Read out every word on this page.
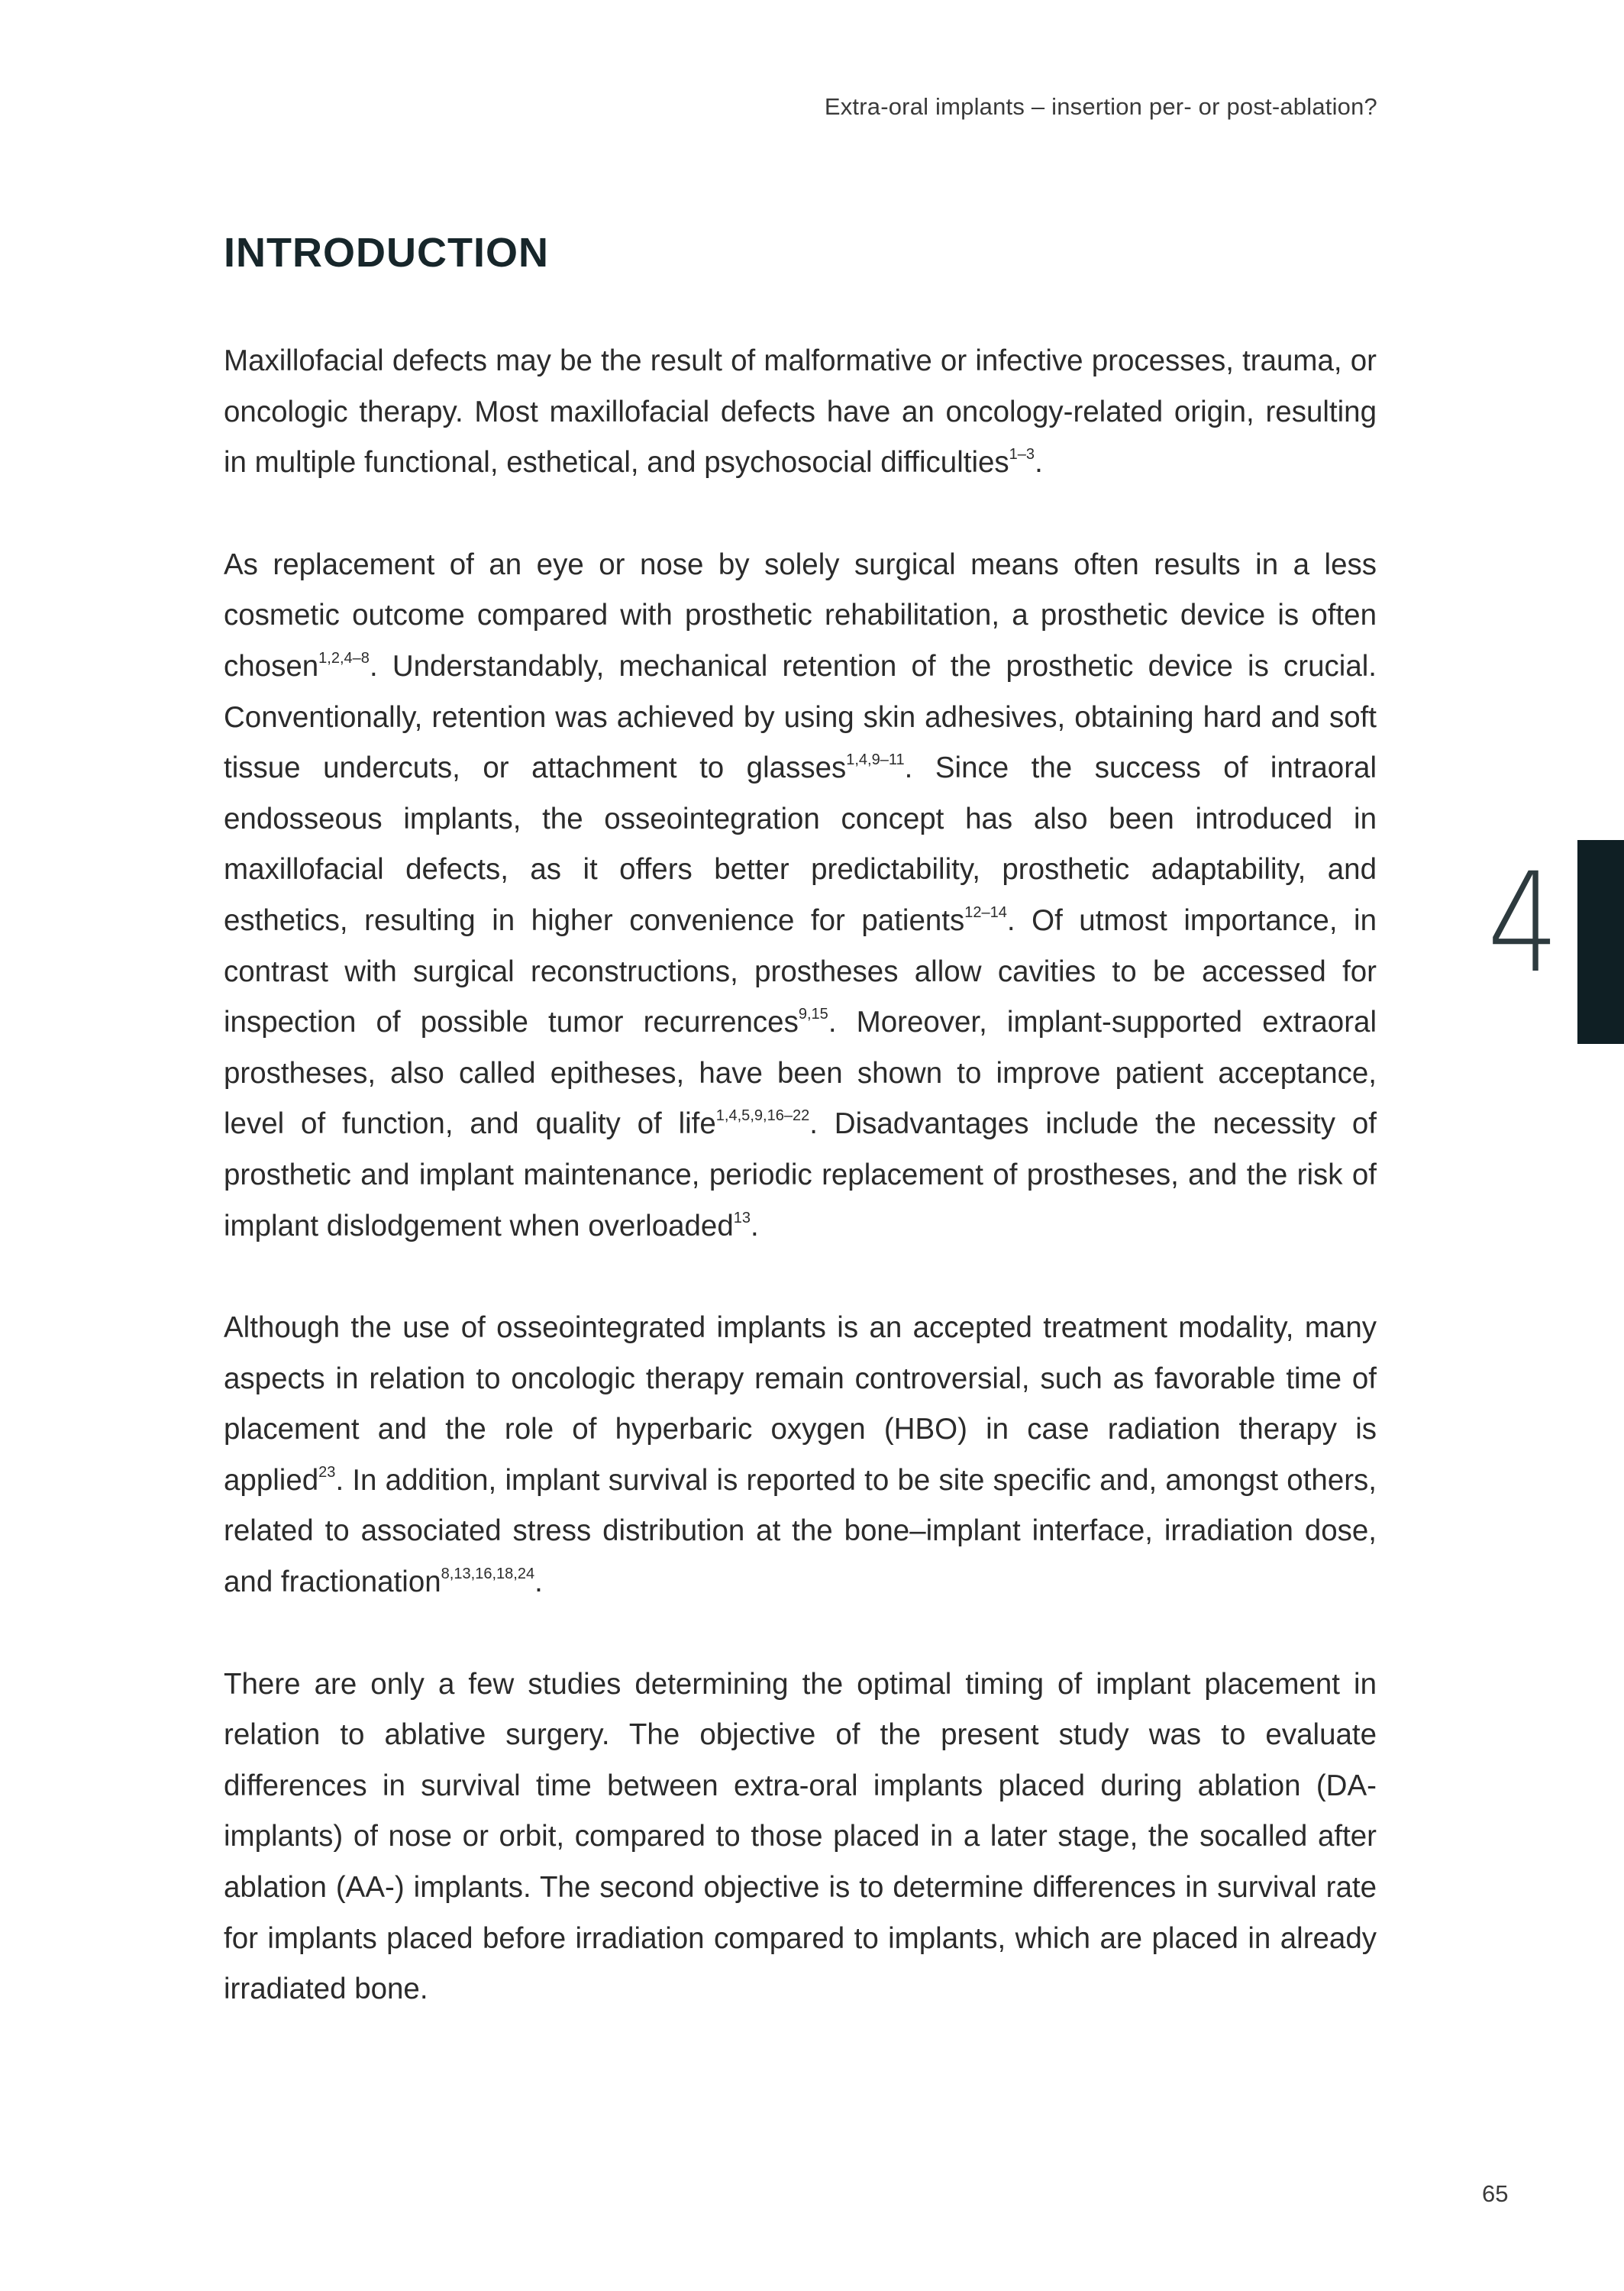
Extra-oral implants – insertion per- or post-ablation?
INTRODUCTION

Maxillofacial defects may be the result of malformative or infective processes, trauma, or oncologic therapy. Most maxillofacial defects have an oncology-related origin, resulting in multiple functional, esthetical, and psychosocial difficulties$^{1-3}$.

As replacement of an eye or nose by solely surgical means often results in a less cosmetic outcome compared with prosthetic rehabilitation, a prosthetic device is often chosen$^{1,2,4-8}$. Understandably, mechanical retention of the prosthetic device is crucial. Conventionally, retention was achieved by using skin adhesives, obtaining hard and soft tissue undercuts, or attachment to glasses$^{1,4,9-11}$. Since the success of intraoral endosseous implants, the osseointegration concept has also been introduced in maxillofacial defects, as it offers better predictability, prosthetic adaptability, and esthetics, resulting in higher convenience for patients$^{12-14}$. Of utmost importance, in contrast with surgical reconstructions, prostheses allow cavities to be accessed for inspection of possible tumor recurrences$^{9,15}$. Moreover, implant-supported extraoral prostheses, also called epitheses, have been shown to improve patient acceptance, level of function, and quality of life$^{1,4,5,9,16-22}$. Disadvantages include the necessity of prosthetic and implant maintenance, periodic replacement of prostheses, and the risk of implant dislodgement when overloaded$^{13}$.

Although the use of osseointegrated implants is an accepted treatment modality, many aspects in relation to oncologic therapy remain controversial, such as favorable time of placement and the role of hyperbaric oxygen (HBO) in case radiation therapy is applied$^{23}$. In addition, implant survival is reported to be site specific and, amongst others, related to associated stress distribution at the bone–implant interface, irradiation dose, and fractionation$^{8,13,16,18,24}$.

There are only a few studies determining the optimal timing of implant placement in relation to ablative surgery. The objective of the present study was to evaluate differences in survival time between extra-oral implants placed during ablation (DA-implants) of nose or orbit, compared to those placed in a later stage, the socalled after ablation (AA-) implants. The second objective is to determine differences in survival rate for implants placed before irradiation compared to implants, which are placed in already irradiated bone.

4
65
